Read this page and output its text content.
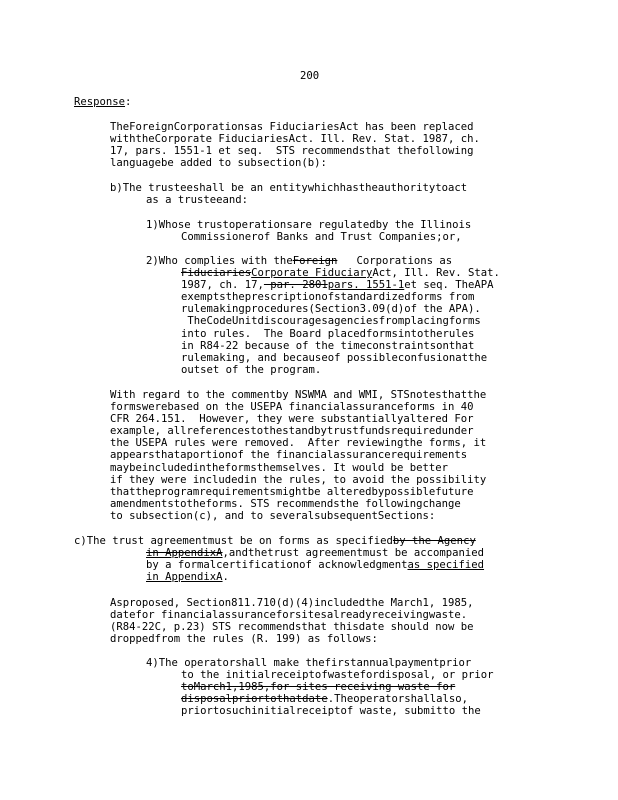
200
Response:
TheForeignCorporationsas FiduciariesAct has been replaced
withtheCorporate FiduciariesAct. Ill. Rev. Stat. 1987, ch.
17, pars. 1551-1 et seq.  STS recommendsthat thefollowing
languagebe added to subsection(b):
b)The trusteeshall be an entitywhichhastheauthoritytoact
as a trusteeand:
1)Whose trustoperationsare regulatedby the Illinois
Commissionerof Banks and Trust Companies;or,
2)Who complies with theForeign   Corporations as
FiduciariesCorporate FiduciaryAct, Ill. Rev. Stat.
1987, ch. 17, par. 2801pars. 1551-1et seq. TheAPA
exemptstheprescriptionofstandardizedforms from
rulemakingprocedures(Section3.09(d)of the APA).
TheCodeUnitdiscouragesagenciesfromplacingforms
into rules.  The Board placedformsintotherules
in R84-22 because of the timeconstraintsonthat
rulemaking, and becauseof possibleconfusionatthe
outset of the program.
With regard to the commentby NSWMA and WMI, STSnotesthatthe
formswerebased on the USEPA financialassuranceforms in 40
CFR 264.151.  However, they were substantiallyaltered For
example, allreferencestothestandbytrustfundsrequiredunder
the USEPA rules were removed.  After reviewingthe forms, it
appearsthataportionof the financialassurancerequirements
maybeincludedintheformsthemselves. It would be better
if they were includedin the rules, to avoid the possibility
thattheprogramrequirementsmightbe alteredbypossiblefuture
amendmentstotheforms. STS recommendsthe followingchange
to subsection(c), and to severalsubsequentSections:
c)The trust agreementmust be on forms as specifiedby the Agency
in AppendixA,andthetrust agreementmust be accompanied
by a formalcertificationof acknowledgmentas specified
in AppendixA.
Asproposed, Section811.710(d)(4)includedthe March1, 1985,
datefor financialassuranceforsitesalreadyreceivingwaste.
(R84-22C, p.23) STS recommendsthat thisdate should now be
droppedfrom the rules (R. 199) as follows:
4)The operatorshall make thefirstannualpaymentprior
to the initialreceiptofwastefordisposal, or prior
toMarch1,1985,for sites receiving waste for
disposalpriortothatdate.Theoperatorshallalso,
priortosuchinitialreceiptof waste, submitto the
